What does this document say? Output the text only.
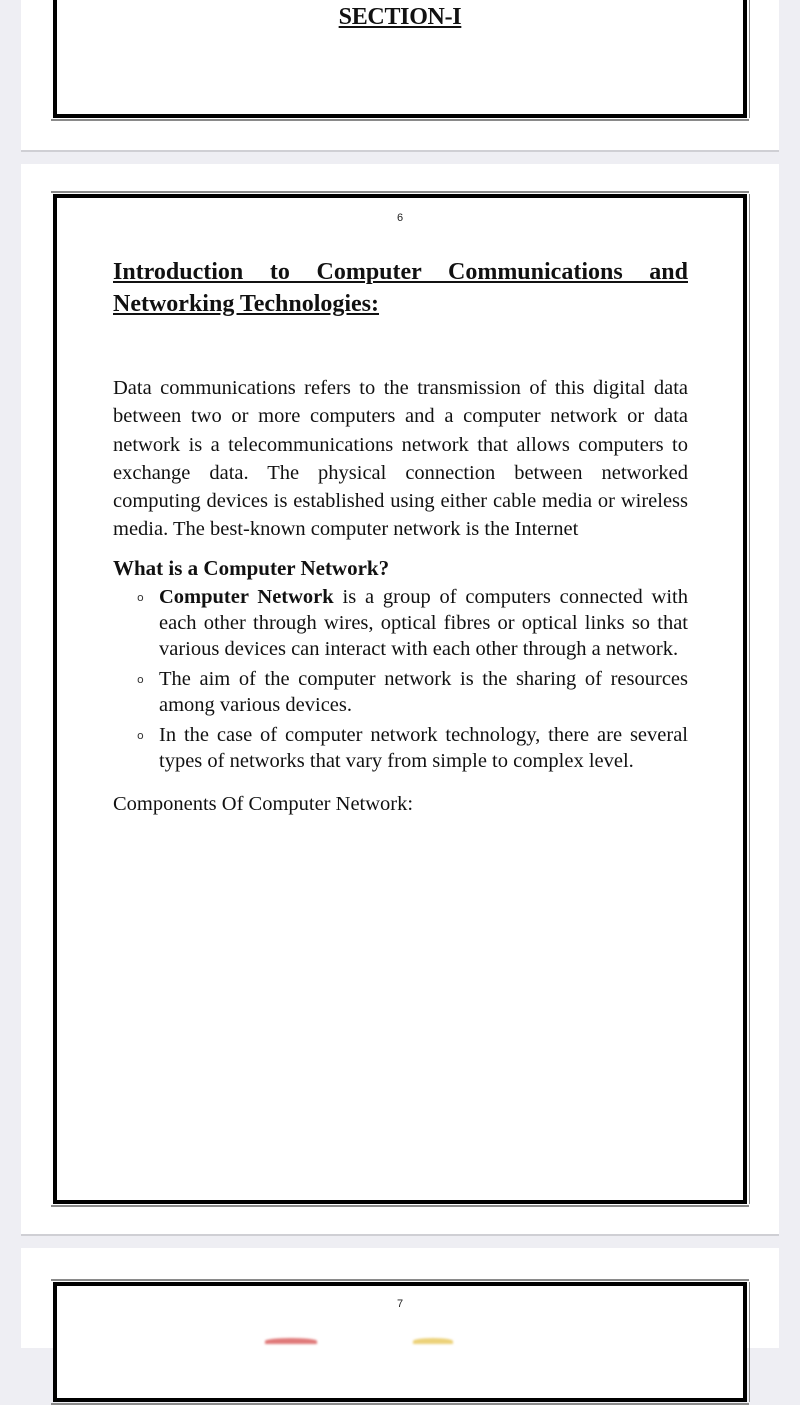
SECTION-I
6
Introduction to Computer Communications and
Networking Technologies:

Data communications refers to the transmission of this digital data between two or more computers and a computer network or data network is a telecommunications network that allows computers to exchange data. The physical connection between networked computing devices is established using either cable media or wireless media. The best-known computer network is the Internet

What is a Computer Network?

o Computer Network is a group of computers connected with each other through wires, optical fibres or optical links so that various devices can interact with each other through a network.
o The aim of the computer network is the sharing of resources among various devices.
o In the case of computer network technology, there are several types of networks that vary from simple to complex level.

Components Of Computer Network:

7
